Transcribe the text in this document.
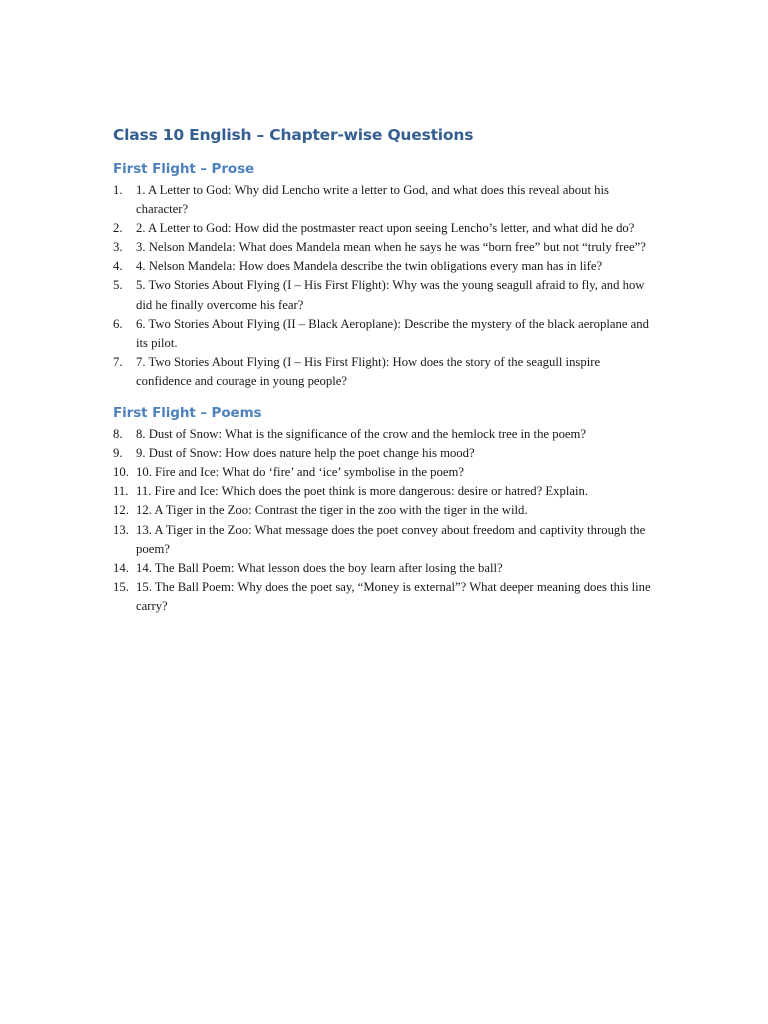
Class 10 English – Chapter-wise Questions
First Flight – Prose
1. 1. A Letter to God: Why did Lencho write a letter to God, and what does this reveal about his character?
2. 2. A Letter to God: How did the postmaster react upon seeing Lencho’s letter, and what did he do?
3. 3. Nelson Mandela: What does Mandela mean when he says he was “born free” but not “truly free”?
4. 4. Nelson Mandela: How does Mandela describe the twin obligations every man has in life?
5. 5. Two Stories About Flying (I – His First Flight): Why was the young seagull afraid to fly, and how did he finally overcome his fear?
6. 6. Two Stories About Flying (II – Black Aeroplane): Describe the mystery of the black aeroplane and its pilot.
7. 7. Two Stories About Flying (I – His First Flight): How does the story of the seagull inspire confidence and courage in young people?
First Flight – Poems
8. 8. Dust of Snow: What is the significance of the crow and the hemlock tree in the poem?
9. 9. Dust of Snow: How does nature help the poet change his mood?
10. 10. Fire and Ice: What do ‘fire’ and ‘ice’ symbolise in the poem?
11. 11. Fire and Ice: Which does the poet think is more dangerous: desire or hatred? Explain.
12. 12. A Tiger in the Zoo: Contrast the tiger in the zoo with the tiger in the wild.
13. 13. A Tiger in the Zoo: What message does the poet convey about freedom and captivity through the poem?
14. 14. The Ball Poem: What lesson does the boy learn after losing the ball?
15. 15. The Ball Poem: Why does the poet say, “Money is external”? What deeper meaning does this line carry?
